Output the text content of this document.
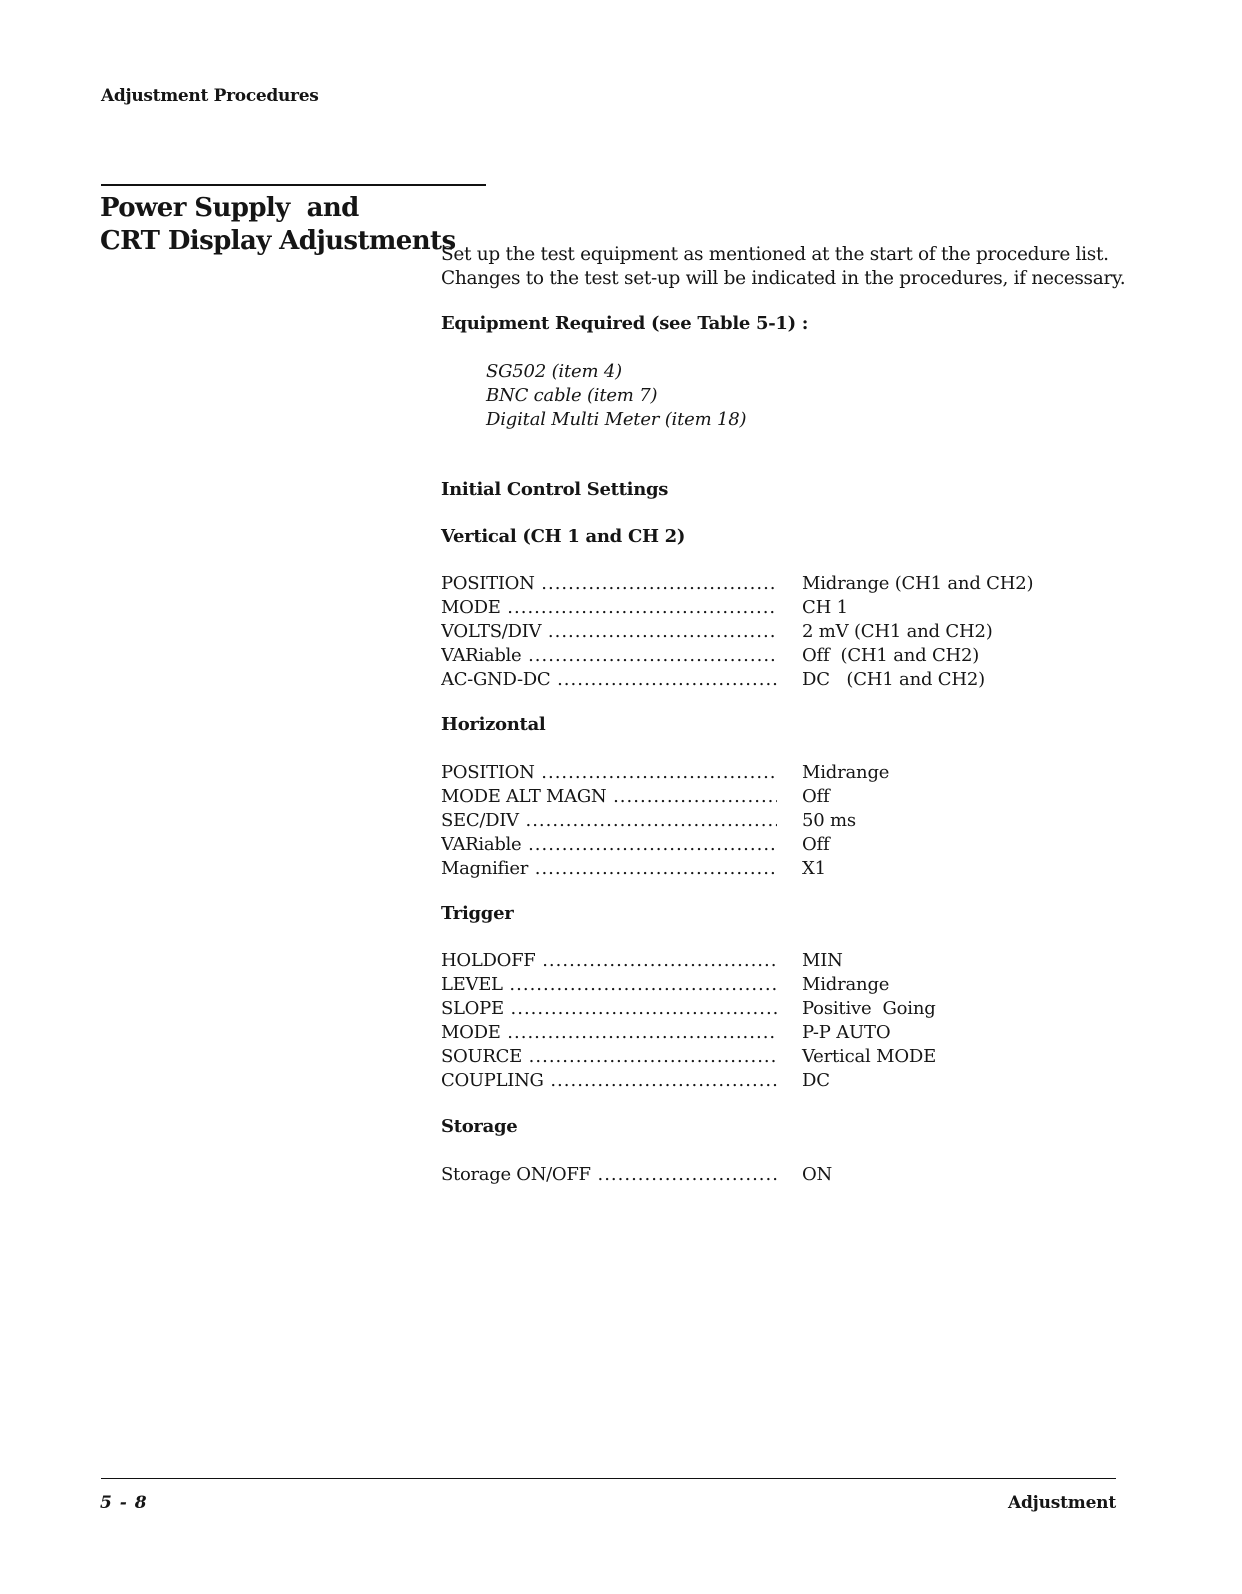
Adjustment Procedures
Power Supply  and
CRT Display Adjustments
Set up the test equipment as mentioned at the start of the procedure list.
Changes to the test set-up will be indicated in the procedures, if necessary.
Equipment Required (see Table 5-1) :
SG502 (item 4)
BNC cable (item 7)
Digital Multi Meter (item 18)
Initial Control Settings
Vertical (CH 1 and CH 2)
POSITION .....	Midrange (CH1 and CH2)
MODE .....	CH 1
VOLTS/DIV .....	2 mV (CH1 and CH2)
VARiable .....	Off  (CH1 and CH2)
AC-GND-DC .....	DC   (CH1 and CH2)
Horizontal
POSITION .....	Midrange
MODE ALT MAGN .....	Off
SEC/DIV .....	50 ms
VARiable .....	Off
Magnifier .....	X1
Trigger
HOLDOFF .....	MIN
LEVEL .....	Midrange
SLOPE .....	Positive  Going
MODE .....	P-P AUTO
SOURCE .....	Vertical MODE
COUPLING .....	DC
Storage
Storage ON/OFF .....	ON
5 - 8	Adjustment
